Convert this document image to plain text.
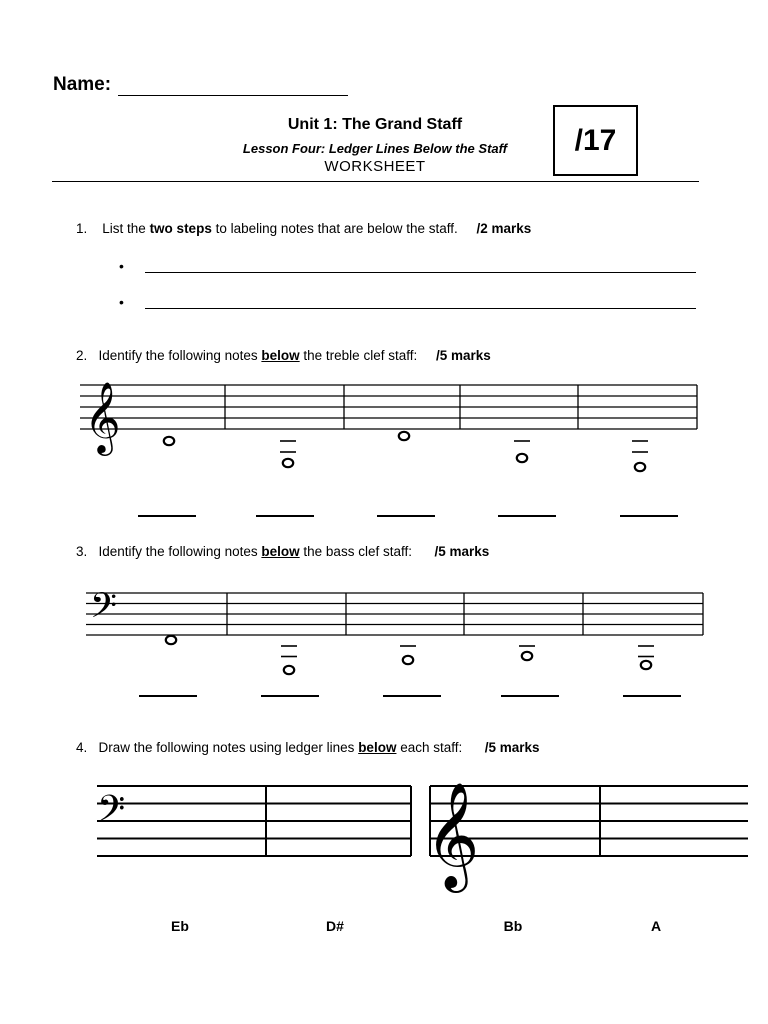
Name:
Unit 1: The Grand Staff
Lesson Four: Ledger Lines Below the Staff
WORKSHEET
/17
1. List the two steps to labeling notes that are below the staff. /2 marks
•
•
2. Identify the following notes below the treble clef staff: /5 marks
𝄞
3. Identify the following notes below the bass clef staff: /5 marks
𝄢
4. Draw the following notes using ledger lines below each staff: /5 marks
𝄢	𝄞
Eb	D#	Bb	A
